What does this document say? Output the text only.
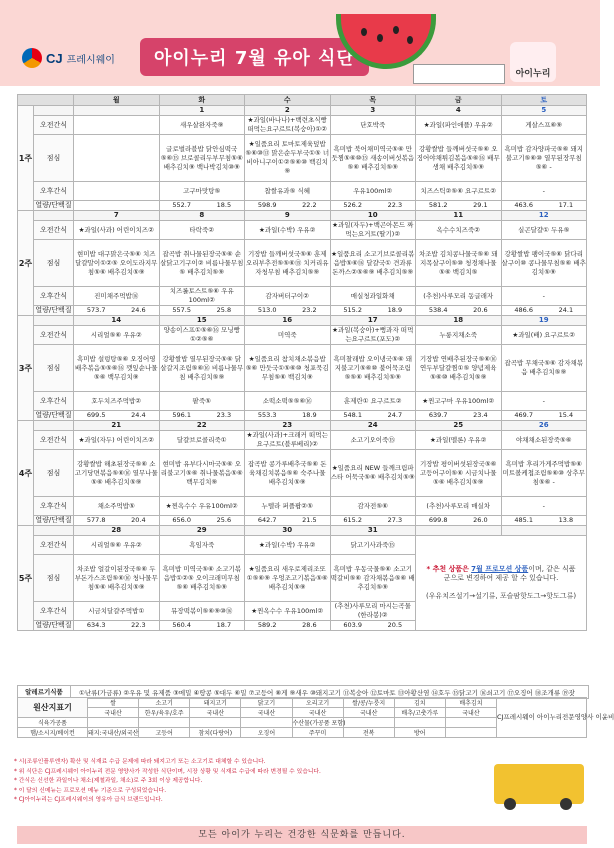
CJ 프레시웨이	아이누리 7월 유아 식단
아이누리
		월	화	수	목	금	토
1주			1	2	3	4	5
	오전간식		새우살완자죽⑨	★과일(바나나)+백련초식빵 떠먹는요구르트(복숭아)①②	단호박죽	★과일(파인애플) 우유②	게살스프⑥⑨
	점심		글로벌라블밥 닭안심떡국⑤⑥⑮ 브로콜리두부무침⑤⑥ 배추김치⑨ 백나박김치⑩⑨	★일품요리 토마토제육덮밥⑤⑥⑩⑬ 맑은순두부국①⑤ 너비아니구이①②⑤⑥⑩ 백김치⑨	흑미밥 북어채미역국⑤⑥ 만둣찜⑤⑥⑩⑮ 새송이버섯볶음⑤⑥ 배추김치⑤⑨	강황쌀밥 들깨버섯국⑤⑥ 오징어야채튀김볶음⑤⑥⑯ 배무생채 배추김치⑤⑨	흑미밥 감자양파국⑤⑥ 돼지불고기⑤⑥⑩ 열무된장무침⑤⑥ -
	오후간식		고구마맛탕⑤	찹쌀유과⑤ 식혜	우유100ml②	치즈스틱②⑤⑥ 요구르트②	-
	열량/단백질		552.7 18.5	598.9 22.2	526.2 22.3	581.2 29.1	463.6 17.1

2주		7	8	9	10	11	12
	오전간식	★과일(사과) 어린이치즈②	타락죽②	★과일(수박) 우유②	★과일(자두)+백곤아몬드 짜먹는요거트(딸기)②	옥수수치즈죽②	실곤달걀① 두유⑤
	점심	현미밥 대구맑은국⑤⑥ 치즈달걀말이①②⑤ 오이도라지무침⑤⑥ 배추김치⑤⑨	잡곡밥 취나물된장국⑤⑥ 순살닭고기구이② 비름나물무침⑤ 배추김치⑤⑨	기장밥 들깨버섯국⑤⑥ 훈제오리부추전⑤⑤⑥⑮ 치커리유자청무침 배추김치⑤⑨	★일품요리 소고기브로콜리볶음밥⑤⑥⑯ 달걀국① 견과류돈까스②⑤⑥⑨ 배추김치⑤⑨	차조밥 김치콩나물국⑤⑥ 돼지목살구이⑤⑩ 청경채나물⑤⑥ 백김치⑤	강황쌀밥 팽이국⑤⑥ 닭다리살구이⑩ 콩나물무침⑤⑥ 배추김치⑤⑨
	오후간식	진미채주먹밥⑯	치즈롤토스트⑤⑥ 우유100ml②	감자버터구이②	매실청과일화채	(추천)사루모리 동글래자	-
	열량/단백질	573.7 24.6	557.5 25.8	513.0 23.2	515.2 18.9	538.4 20.6	486.6 24.1

3주		14	15	16	17	18	19
	오전간식	시리얼⑤⑥ 우유②	양송이스프①⑤⑥⑯ 모닝빵①②⑤⑥	미역죽	★과일(복숭아)+뻥과자 떠먹는요구르트(포도)②	누룽지채소죽	★과일(배) 요구르트②
	점심	흑미밥 설렁탕⑤⑥ 오징어영배추볶음⑤⑤⑥⑯ 깻잎순나물⑤⑥ 백무김치⑨	강황쌀밥 열무된장국⑤⑥ 닭살갈지조림⑤⑥⑯ 비름나물무침 배추김치⑤⑨	★일품요리 참치채소볶음밥⑤⑥ 만둣국①⑤⑥⑩ 청포묵김무침⑤⑥ 백김치⑨	흑미찰래밥 오이냉국⑤⑥ 돼지불고기⑤⑥⑩ 불어묵조림⑤⑤⑥ 배추김치⑤⑨	기장밥 연배추된장국⑤⑥⑯ 연두부달걀찜①⑤ 양념제육⑤⑥⑩ 배추김치⑤⑨	잡곡밥 무채국⑤⑥ 감자채볶음 배추김치⑤⑨
	오후간식	호두치즈주먹밥②	팥죽⑤	소떡소떡⑤⑤⑥⑯	훈제란① 요구르트②	★찐고구마 우유100ml②	-
	열량/단백질	699.5 24.4	596.1 23.3	553.3 18.9	548.1 24.7	639.7 23.4	469.7 15.4

4주		21	22	23	24	25	26
	오전간식	★과일(자두) 어린이치즈②	달걀브로콜리죽①	★과일(사과)+크래커 떠먹는요구르트(블루베리)②	소고기오이죽⑮	★과일(멜론) 우유②	야채채소된장죽⑤⑥
	점심	강황쌀밥 해초된장국⑤⑥ 소고기당면볶음⑤⑥⑯ 열무나물⑤⑥ 배추김치⑤⑨	현미밥 유부다시마국⑤⑥ 오리불고기⑤⑥ 취나물볶음⑤⑥ 백무김치⑨	잡곡밥 콩가루배추국⑤⑥ 돈육채김치볶음⑤⑥ 숙주나물 배추김치⑤⑨	★일품요리 NEW 들깨크림파스타 어묵국⑤⑥ 배추김치⑤⑨	기장밥 평이버섯된장국⑤⑥ 고등어구이⑤⑥ 시금치나물⑤⑥ 배추김치⑤⑨	흑미밥 후리가게주먹밥⑤⑥ 미트볼케첩조림⑤⑥⑩ 상추무침⑤⑥ -
	오후간식	채소주먹밥⑤	★찐옥수수 우유100ml②	누텔라 퍼플팝②⑤	감자전⑤⑥	(추천)사루모리 매실차	-
	열량/단백질	577.8 20.4	656.0 25.6	642.7 21.5	615.2 27.3	699.8 26.0	485.1 13.8

5주		28	29	30	31		
	오전간식	시리얼⑤⑥ 우유②	흑임자죽	★과일(수박) 우유②	닭고기사과죽⑮	* 추천 상품은 7월 프로모션 상품이며, 같은 식품군으로 변경하여 제공 할 수 있습니다.

(우유치즈설기→설기류, 포슬팜핫도그→핫도그류)	
	점심	차조밥 얼갈이된장국⑤⑥ 두부돈가스조림⑤⑥⑯ 청나물무침⑤⑥ 배추김치⑤⑨	흑미밥 미역국⑤⑥ 소고기볶음밥①②⑤ 오이크래미무침⑤⑥ 배추김치⑤⑨	★일품요리 새우로제리조또①⑤⑥⑨ 우엉조고기볶음⑤⑥ 배추김치⑤⑨	흑미밥 우동국물⑤⑥ 소고기떡갈비⑤⑥ 감자채볶음⑤⑥ 배추김치⑤⑨		
	오후간식	시금치달걀주먹밥①	뮤장떡볶이⑤⑥⑨⑩⑯	★찐옥수수 우유100ml②	(추천)사루모리 마시는곡물(한라봉)②		
	열량/단백질	634.3 22.3	560.4 18.7	589.2 28.6	603.9 20.5		
알레르기식품	①난류(가금류) ②우유 및 유제품 ③메밀 ④땅콩 ⑤대두 ⑥밀 ⑦고등어 ⑧게 ⑨새우 ⑩돼지고기 ⑪복숭아 ⑫토마토 ⑬아황산염 ⑭호두 ⑮닭고기 ⑯쇠고기 ⑰오징어 ⑱조개류 ⑲잣
원산지표기	쌀	소고기	돼지고기	닭고기	오리고기	쌀/콩/누룽지	김치	배추김치	CJ프레시웨이 아이누리전문영양사 이윤비
	국내산	한우/육우/호주	국내산	국내산	국내산	국내산	배추/고춧가루	국내산	
식육가공품					수산물(가공품 포함)				
햄/소시지/베이컨	돼지:국내산/외국산	고등어	참치(다랑어)	오징어	주꾸미	전복	방어		
* 시(조류인플루엔자) 확산 및 식재료 수급 문제에 따라 돼지고기 또는 소고기로 대체할 수 있습니다.
* 위 식단은 CJ프레시웨이 아이누리 전문 영양사가 작성한 식단이며, 시장 상황 및 식재료 수급에 따라 변경될 수 있습니다.
* 간식은 신선한 과일이나 채소(제철과일, 채소)로 주 3회 이상 제공합니다.
* 이 달의 신메뉴는 프로모션 메뉴 기준으로 구성되었습니다.
* CJ아이누리는 CJ프레시웨이의 영유아 급식 브랜드입니다.
모든 아이가 누리는 건강한 식문화를 만듭니다.
